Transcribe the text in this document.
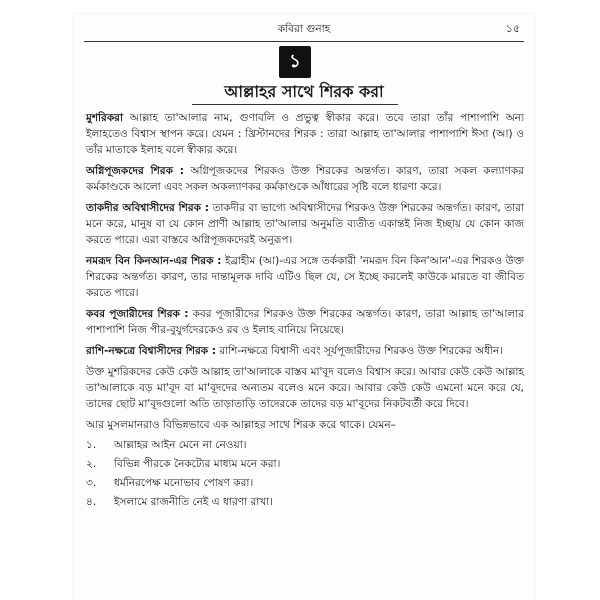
কবিরা গুনাহ	১৫
১
আল্লাহর সাথে শিরক করা

মুশরিকরা আল্লাহ তা'আলার নাম, গুণাবলি ও প্রভুত্ব স্বীকার করে। তবে তারা তাঁর পাশাপাশি অন্য ইলাহতেও বিশ্বাস স্থাপন করে। যেমন : খ্রিস্টানদের শিরক : তারা আল্লাহ তা'আলার পাশাপাশি ঈসা (আ) ও তাঁর মাতাকে ইলাহ বলে স্বীকার করে।

অগ্নিপূজকদের শিরক : অগ্নিপূজকদের শিরকও উক্ত শিরকের অন্তর্গত। কারণ, তারা সকল কল্যাণকর কর্মকাণ্ডকে আলো এবং সকল অকল্যাণকর কর্মকাণ্ডকে আঁধারের সৃষ্টি বলে ধারণা করে।

তাকদীর অবিশ্বাসীদের শিরক : তাকদীর বা ভাগ্যে অবিশ্বাসীদের শিরকও উক্ত শিরকের অন্তর্গত। কারণ, তারা মনে করে, মানুষ বা যে কোন প্রাণী আল্লাহ তা'আলার অনুমতি ব্যতীত একান্তই নিজ ইচ্ছায় যে কোন কাজ করতে পারে। এরা বাস্তবে অগ্নিপূজকদেরই অনুরূপ।

নমরূদ বিন কিনআন-এর শিরক : ইব্রাহীম (আ)-এর সঙ্গে তর্ককারী 'নমরূদ বিন কিন'আন'-এর শিরকও উক্ত শিরকের অন্তর্গত। কারণ, তার দান্তামূলক দাবি এটিও ছিল যে, সে ইচ্ছে করলেই কাউকে মারতে বা জীবিত করতে পারে।

কবর পূজারীদের শিরক : কবর পূজারীদের শিরকও উক্ত শিরকের অন্তর্গত। কারণ, তারা আল্লাহ তা'আলার পাশাপাশি নিজ পীর-বুযুর্গদেরকেও রব ও ইলাহ বানিয়ে নিয়েছে।

রাশি-নক্ষত্রে বিশ্বাসীদের শিরক : রাশি-নক্ষত্রে বিশ্বাসী এবং সূর্যপূজারীদের শিরকও উক্ত শিরকের অধীন।

উক্ত মুশরিকদের কেউ কেউ আল্লাহ তা'আলাকে বাস্তব মা'বূদ বলেও বিশ্বাস করে। আবার কেউ কেউ আল্লাহ তা'আলাকে বড় মা'বূদ বা মা'বূদদের অন্যতম বলেও মনে করে। আবার কেউ কেউ এমনো মনে করে যে, তাদের ছোট মা'বূদগুলো অতি তাড়াতাড়ি তাদেরকে তাদের বড় মা'বূদের নিকটবর্তী করে দিবে।

আর মুসলমানরাও বিভিন্নভাবে এক আল্লাহর সাথে শিরক করে থাকে। যেমন–

১.	আল্লাহর আইন মেনে না নেওয়া।
২.	বিভিন্ন পীরকে নৈকট্যের মাধ্যম মনে করা।
৩.	ধর্মনিরপেক্ষ মনোভাব পোষণ করা।
৪.	ইসলামে রাজনীতি নেই এ ধারণা রাখা।
